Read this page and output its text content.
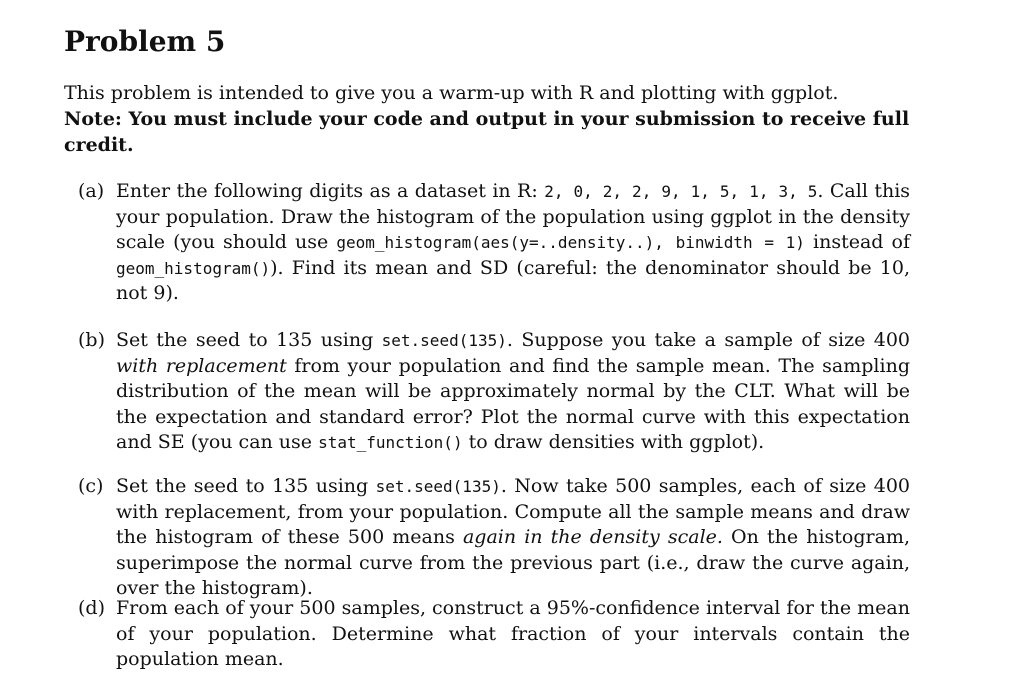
Problem 5

This problem is intended to give you a warm-up with R and plotting with ggplot.

Note: You must include your code and output in your submission to receive full credit.

(a) Enter the following digits as a dataset in R: 2, 0, 2, 2, 9, 1, 5, 1, 3, 5. Call this your population. Draw the histogram of the population using ggplot in the density scale (you should use geom_histogram(aes(y=..density..), binwidth = 1) instead of geom_histogram()). Find its mean and SD (careful: the denominator should be 10, not 9).
(b) Set the seed to 135 using set.seed(135). Suppose you take a sample of size 400 with replacement from your population and find the sample mean. The sampling distribution of the mean will be approximately normal by the CLT. What will be the expectation and standard error? Plot the normal curve with this expectation and SE (you can use stat_function() to draw densities with ggplot).
(c) Set the seed to 135 using set.seed(135). Now take 500 samples, each of size 400 with replacement, from your population. Compute all the sample means and draw the histogram of these 500 means again in the density scale. On the histogram, superimpose the normal curve from the previous part (i.e., draw the curve again, over the histogram).
(d) From each of your 500 samples, construct a 95%-confidence interval for the mean of your population. Determine what fraction of your intervals contain the population mean.
